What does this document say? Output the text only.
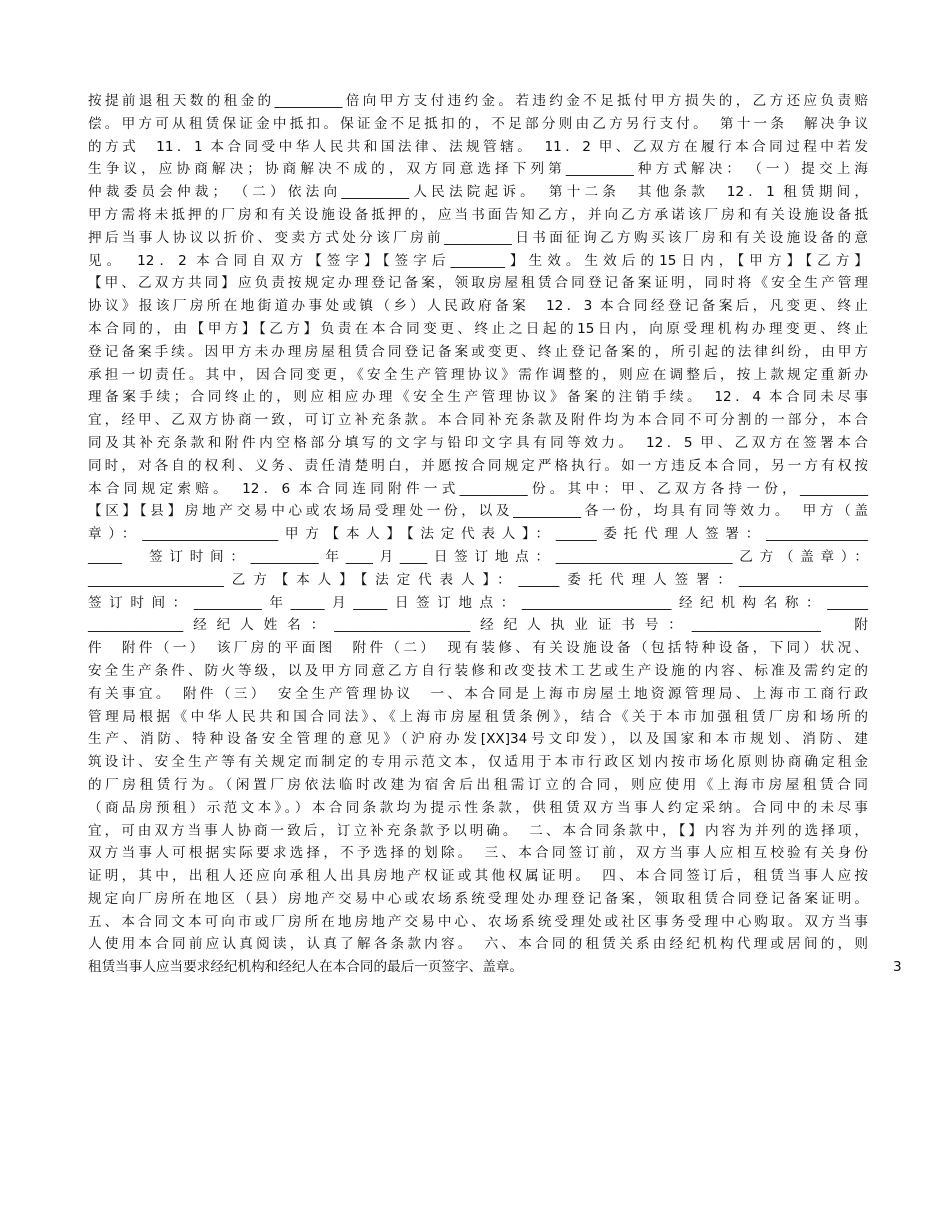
按提前退租天数的租金的__________倍向甲方支付违约金。若违约金不足抵付甲方损失的，乙方还应负责赔
偿。甲方可从租赁保证金中抵扣。保证金不足抵扣的，不足部分则由乙方另行支付。　第十一条　解决争议
的方式　11．1 本合同受中华人民共和国法律、法规管辖。　11．2 甲、乙双方在履行本合同过程中若发
生争议，应协商解决；协商解决不成的，双方同意选择下列第__________种方式解决：　（一）提交上海
仲裁委员会仲裁；　（二）依法向__________人民法院起诉。　第十二条　其他条款　12．1 租赁期间，
甲方需将未抵押的厂房和有关设施设备抵押的，应当书面告知乙方，并向乙方承诺该厂房和有关设施设备抵
押后当事人协议以折价、变卖方式处分该厂房前__________日书面征询乙方购买该厂房和有关设施设备的意
见。　12．2 本合同自双方【签字】【签字后________】生效。生效后的15日内，【甲方】【乙方】
【甲、乙双方共同】应负责按规定办理登记备案，领取房屋租赁合同登记备案证明，同时将《安全生产管理
协议》报该厂房所在地街道办事处或镇（乡）人民政府备案　12．3 本合同经登记备案后，凡变更、终止
本合同的，由【甲方】【乙方】负责在本合同变更、终止之日起的15日内，向原受理机构办理变更、终止
登记备案手续。因甲方未办理房屋租赁合同登记备案或变更、终止登记备案的，所引起的法律纠纷，由甲方
承担一切责任。其中，因合同变更，《安全生产管理协议》需作调整的，则应在调整后，按上款规定重新办
理备案手续；合同终止的，则应相应办理《安全生产管理协议》备案的注销手续。　12．4 本合同未尽事
宜，经甲、乙双方协商一致，可订立补充条款。本合同补充条款及附件均为本合同不可分割的一部分，本合
同及其补充条款和附件内空格部分填写的文字与铅印文字具有同等效力。　12．5 甲、乙双方在签署本合
同时，对各自的权利、义务、责任清楚明白，并愿按合同规定严格执行。如一方违反本合同，另一方有权按
本合同规定索赔。　12．6 本合同连同附件一式__________份。其中：甲、乙双方各持一份，__________
【区】【县】房地产交易中心或农场局受理处一份，以及__________各一份，均具有同等效力。　甲方（盖
章）：____________________甲方【本人】【法定代表人】：______委托代理人签署：_______________
_____　签订时间：__________年____月____日签订地点：__________________________乙方（盖章）：
____________________乙方【本人】【法定代表人】：______委托代理人签署：___________________
签订时间：__________年_____月_____日签订地点：______________________经纪机构名称：______
______________经纪人姓名：____________________经纪人执业证书号：___________________　附
件　附件（一）　该厂房的平面图　附件（二）　现有装修、有关设施设备（包括特种设备，下同）状况、
安全生产条件、防火等级，以及甲方同意乙方自行装修和改变技术工艺或生产设施的内容、标准及需约定的
有关事宜。　附件（三）　安全生产管理协议　一、本合同是上海市房屋土地资源管理局、上海市工商行政
管理局根据《中华人民共和国合同法》、《上海市房屋租赁条例》，结合《关于本市加强租赁厂房和场所的
生产、消防、特种设备安全管理的意见》（沪府办发[XX]34号文印发），以及国家和本市规划、消防、建
筑设计、安全生产等有关规定而制定的专用示范文本，仅适用于本市行政区划内按市场化原则协商确定租金
的厂房租赁行为。（闲置厂房依法临时改建为宿舍后出租需订立的合同，则应使用《上海市房屋租赁合同
（商品房预租）示范文本》。）本合同条款均为提示性条款，供租赁双方当事人约定采纳。合同中的未尽事
宜，可由双方当事人协商一致后，订立补充条款予以明确。　二、本合同条款中，【】内容为并列的选择项，
双方当事人可根据实际要求选择，不予选择的划除。　三、本合同签订前，双方当事人应相互校验有关身份
证明，其中，出租人还应向承租人出具房地产权证或其他权属证明。　四、本合同签订后，租赁当事人应按
规定向厂房所在地区（县）房地产交易中心或农场系统受理处办理登记备案，领取租赁合同登记备案证明。
五、本合同文本可向市或厂房所在地房地产交易中心、农场系统受理处或社区事务受理中心购取。双方当事
人使用本合同前应认真阅读，认真了解各条款内容。　六、本合同的租赁关系由经纪机构代理或居间的，则
租赁当事人应当要求经纪机构和经纪人在本合同的最后一页签字、盖章。	3
